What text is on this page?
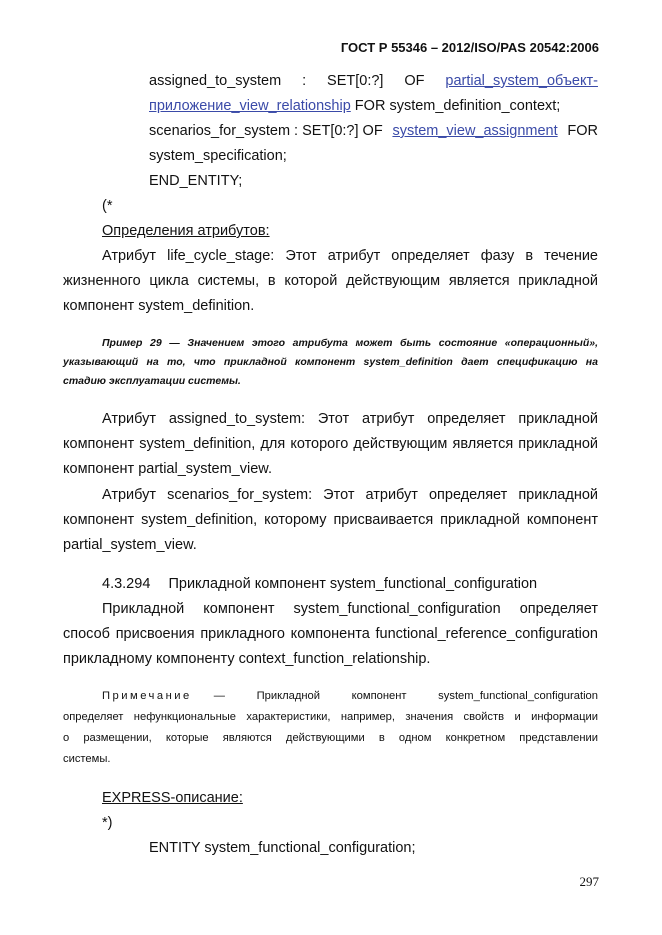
ГОСТ Р 55346 – 2012/ISO/PAS 20542:2006
assigned_to_system : SET[0:?] OF partial_system_объект-
приложение_view_relationship FOR system_definition_context;
scenarios_for_system : SET[0:?] OF system_view_assignment FOR
system_specification;
END_ENTITY;
(*
Определения атрибутов:
Атрибут life_cycle_stage: Этот атрибут определяет фазу в течение
жизненного цикла системы, в которой действующим является прикладной
компонент system_definition.
Пример 29 — Значением этого атрибута может быть состояние «операционный»,
указывающий на то, что прикладной компонент system_definition дает спецификацию на
стадию эксплуатации системы.
Атрибут assigned_to_system: Этот атрибут определяет прикладной
компонент system_definition, для которого действующим является прикладной
компонент partial_system_view.
Атрибут scenarios_for_system: Этот атрибут определяет прикладной
компонент system_definition, которому присваивается прикладной компонент
partial_system_view.
4.3.294 Прикладной компонент system_functional_configuration
Прикладной компонент system_functional_configuration определяет
способ присвоения прикладного компонента functional_reference_configuration
прикладному компоненту context_function_relationship.
Примечание — Прикладной компонент system_functional_configuration
определяет нефункциональные характеристики, например, значения свойств и информации
о размещении, которые являются действующими в одном конкретном представлении
системы.
EXPRESS-описание:
*)
ENTITY system_functional_configuration;
297
